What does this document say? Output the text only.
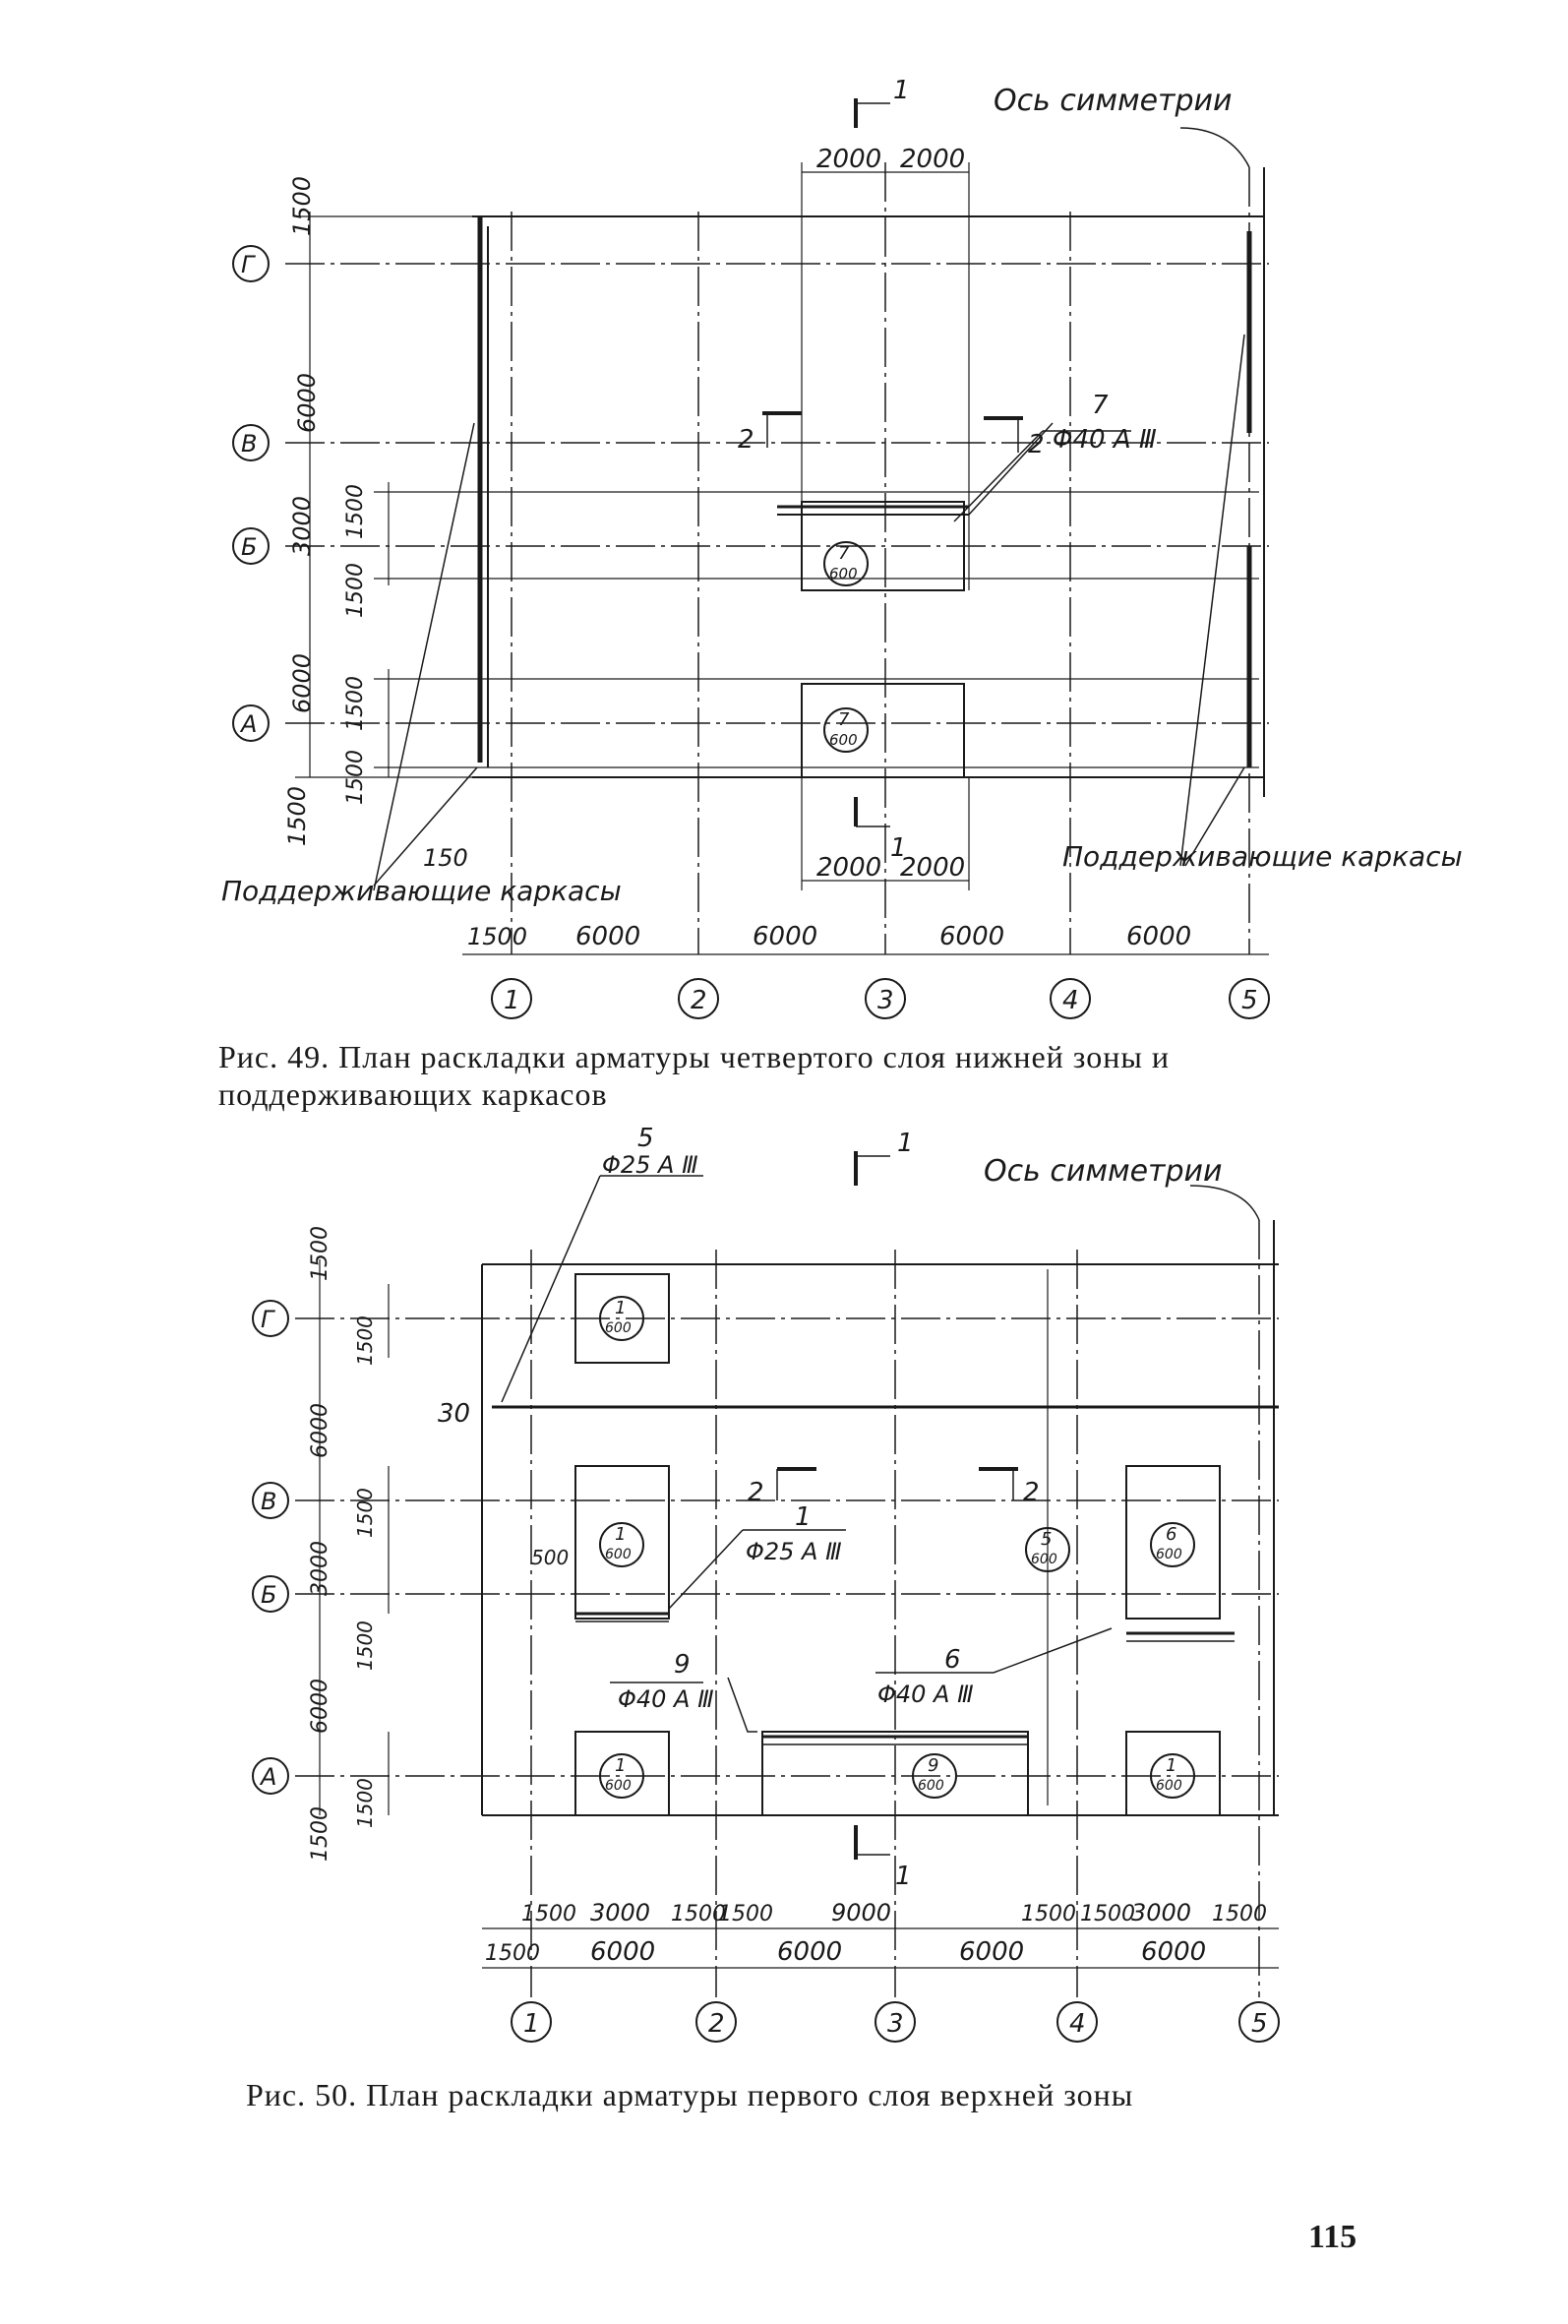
Ось симметрии
1
1
2	2
2000 2000
2000 2000
7
Φ40 A Ⅲ
1500
6000
3000
6000
1500
1500
1500
1500
1500
Г
В
Б
А
1	2	3	4	5
1500 6000	6000	6000	6000
150
Поддерживающие каркасы
Поддерживающие каркасы
7
600
7
600
Рис. 49. План раскладки арматуры четвертого слоя нижней зоны и поддерживающих каркасов
Ось симметрии
1
1
2	2
5
Φ25 A Ⅲ
1
Φ25 A Ⅲ
9
Φ40 A Ⅲ
6
Φ40 A Ⅲ
30
500
1500
6000
3000
6000
1500
1500
1500
1500
1500
Г
В
Б
А
1	2	3	4	5
1500 3000 1500
1500 9000	1500 1500
3000 1500
1500 6000	6000	6000	6000
1
600
1
600
1
600
5
600
6
600
9
600
1
600
Рис. 50. План раскладки арматуры первого слоя верхней зоны
115
